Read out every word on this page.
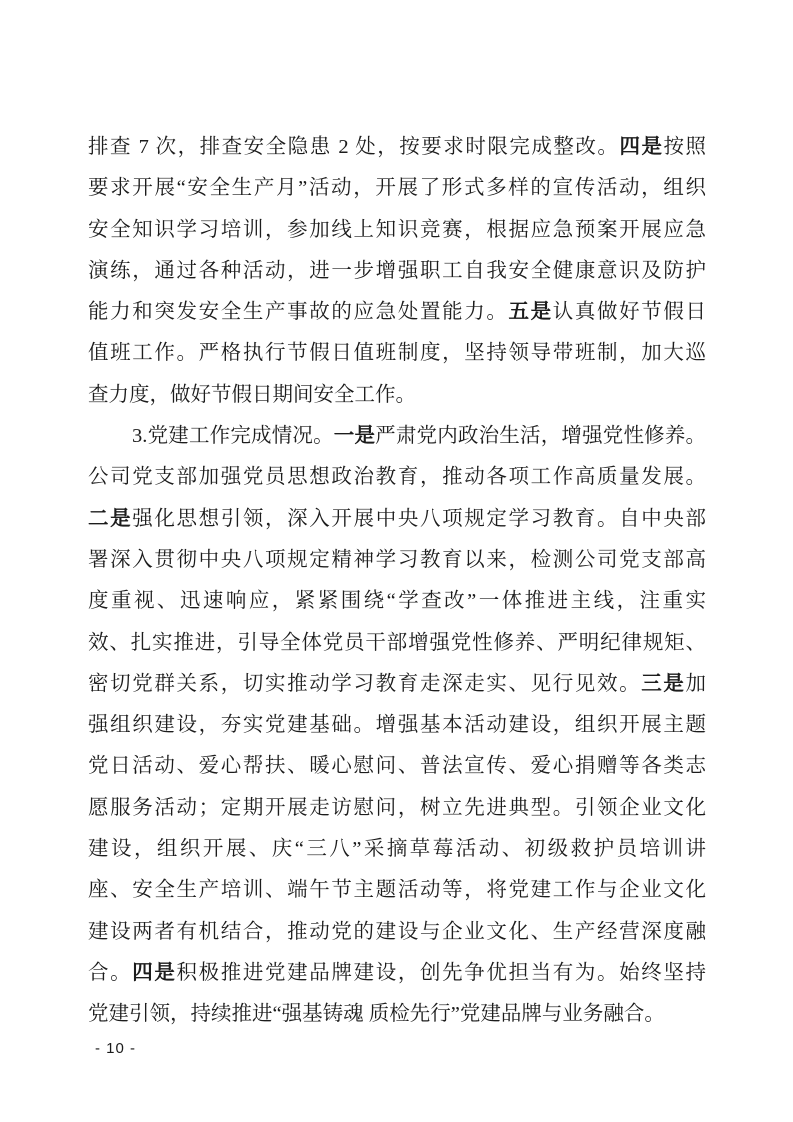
排查 7 次，排查安全隐患 2 处，按要求时限完成整改。四是按照
要求开展“安全生产月”活动，开展了形式多样的宣传活动，组织
安全知识学习培训，参加线上知识竞赛，根据应急预案开展应急
演练，通过各种活动，进一步增强职工自我安全健康意识及防护
能力和突发安全生产事故的应急处置能力。五是认真做好节假日
值班工作。严格执行节假日值班制度，坚持领导带班制，加大巡
查力度，做好节假日期间安全工作。
3.党建工作完成情况。一是严肃党内政治生活，增强党性修养。
公司党支部加强党员思想政治教育，推动各项工作高质量发展。
二是强化思想引领，深入开展中央八项规定学习教育。自中央部
署深入贯彻中央八项规定精神学习教育以来，检测公司党支部高
度重视、迅速响应，紧紧围绕“学查改”一体推进主线，注重实
效、扎实推进，引导全体党员干部增强党性修养、严明纪律规矩、
密切党群关系，切实推动学习教育走深走实、见行见效。三是加
强组织建设，夯实党建基础。增强基本活动建设，组织开展主题
党日活动、爱心帮扶、暖心慰问、普法宣传、爱心捐赠等各类志
愿服务活动；定期开展走访慰问，树立先进典型。引领企业文化
建设，组织开展、庆“三八”采摘草莓活动、初级救护员培训讲
座、安全生产培训、端午节主题活动等，将党建工作与企业文化
建设两者有机结合，推动党的建设与企业文化、生产经营深度融
合。四是积极推进党建品牌建设，创先争优担当有为。始终坚持
党建引领，持续推进“强基铸魂 质检先行”党建品牌与业务融合。
- 10 -
